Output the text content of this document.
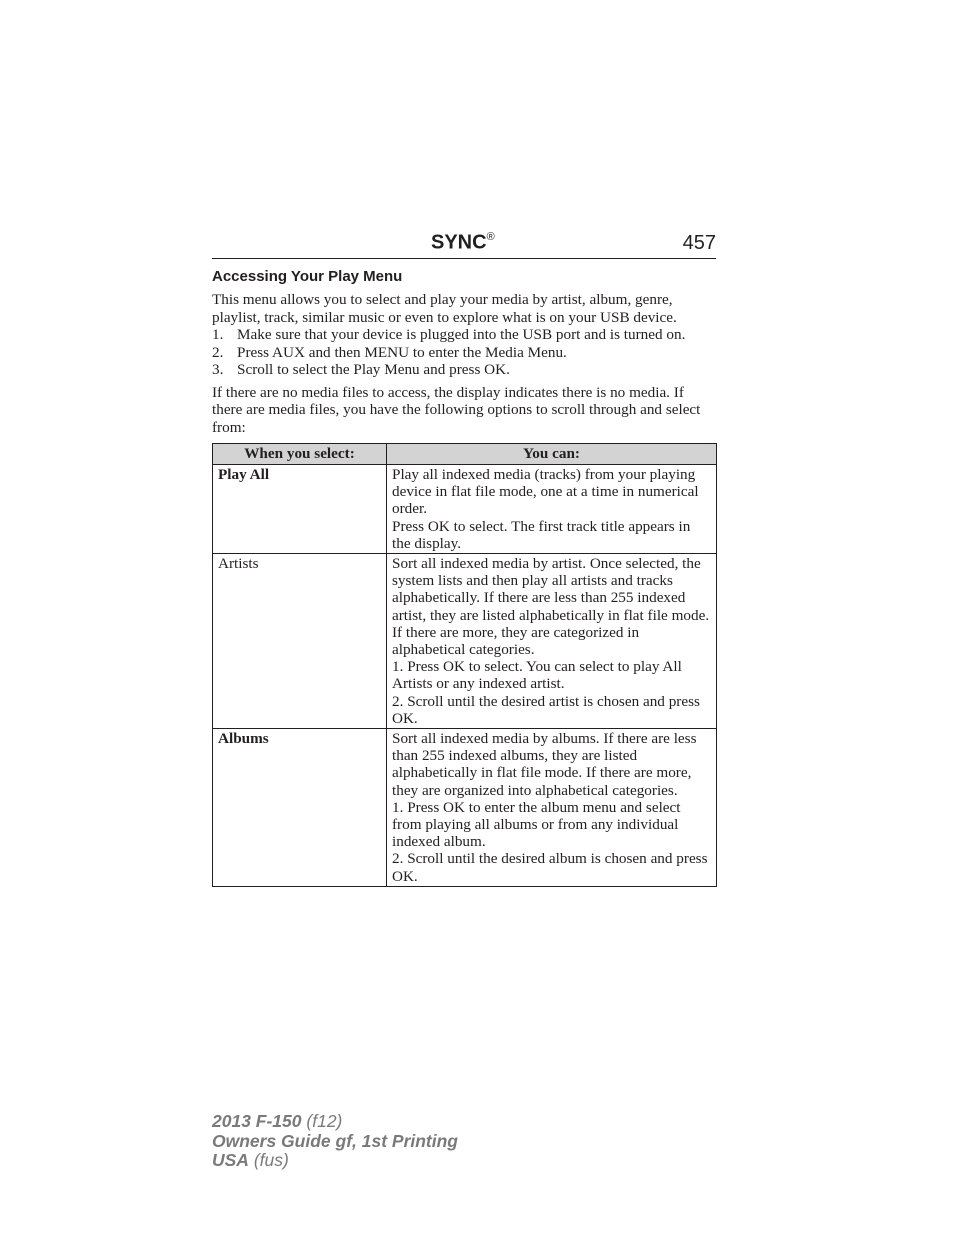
SYNC®	457
Accessing Your Play Menu

This menu allows you to select and play your media by artist, album, genre, playlist, track, similar music or even to explore what is on your USB device.

1. Make sure that your device is plugged into the USB port and is turned on.
2. Press AUX and then MENU to enter the Media Menu.
3. Scroll to select the Play Menu and press OK.

If there are no media files to access, the display indicates there is no media. If there are media files, you have the following options to scroll through and select from:

When you select:	You can:
Play All	Play all indexed media (tracks) from your playing device in flat file mode, one at a time in numerical order.
Press OK to select. The first track title appears in the display.

Artists	Sort all indexed media by artist. Once selected, the system lists and then play all artists and tracks alphabetically. If there are less than 255 indexed artist, they are listed alphabetically in flat file mode. If there are more, they are categorized in alphabetical categories.
1. Press OK to select. You can select to play All Artists or any indexed artist.
2. Scroll until the desired artist is chosen and press OK.

Albums	Sort all indexed media by albums. If there are less than 255 indexed albums, they are listed alphabetically in flat file mode. If there are more, they are organized into alphabetical categories.
1. Press OK to enter the album menu and select from playing all albums or from any individual indexed album.
2. Scroll until the desired album is chosen and press OK.
2013 F-150 (f12)
Owners Guide gf, 1st Printing
USA (fus)
